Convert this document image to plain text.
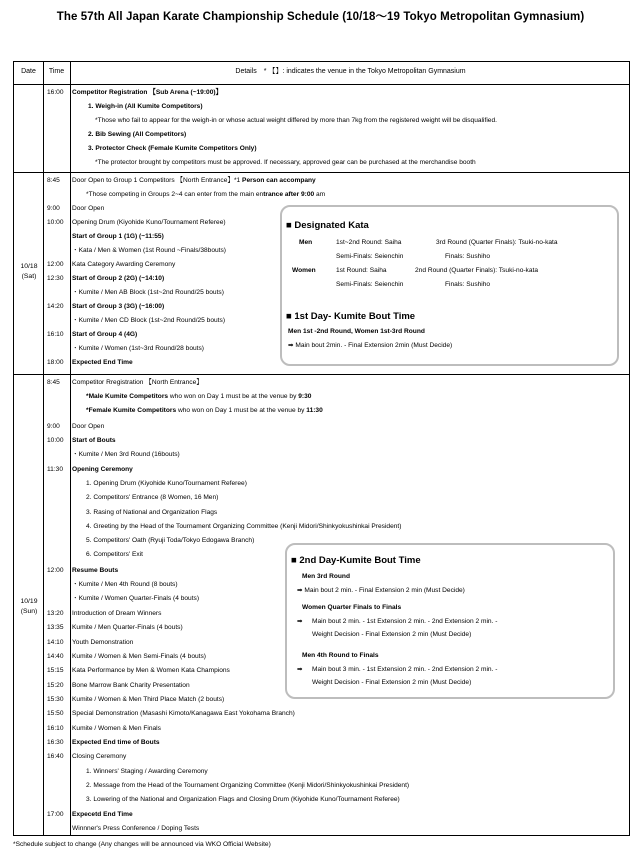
The 57th All Japan Karate Championship Schedule (10/18～19 Tokyo Metropolitan Gymnasium)
Date	Time	Details　* 【】: indicates the venue in the Tokyo Metropolitan Gymnasium
16:00	Competitor Registration 【Sub Arena (~19:00)】
1. Weigh-in (All Kumite Competitors)
*Those who fail to appear for the weigh-in or whose actual weight differed by more than 7kg from the registered weight will be disqualified.
2. Bib Sewing (All Competitors)
3. Protector Check (Female Kumite Competitors Only)
*The protector brought by competitors must be approved. If necessary, approved gear can be purchased at the merchandise booth
10/18
(Sat)
8:45	Door Open to Group 1 Competitors 【North Entrance】*1 Person can accompany
*Those competing in Groups 2~4 can enter from the main entrance after 9:00 am
9:00	Door Open
10:00	Opening Drum (Kiyohide Kuno/Tournament Referee)
Start of Group 1 (1G) (~11:55)
・Kata / Men & Women (1st Round ~Finals/38bouts)
12:00	Kata Category Awarding Ceremony
12:30	Start of Group 2 (2G) (~14:10)
・Kumite / Men AB Block (1st~2nd Round/25 bouts)
14:20	Start of Group 3 (3G) (~16:00)
・Kumite / Men CD Block (1st~2nd Round/25 bouts)
16:10	Start of Group 4 (4G)
・Kumite / Women (1st~3rd Round/28 bouts)
18:00	Expected End Time
■ Designated Kata
Men	1st~2nd Round: Saiha	3rd Round (Quarter Finals): Tsuki-no-kata
Semi-Finals: Seienchin	Finals: Sushiho
Women	1st Round: Saiha	2nd Round (Quarter Finals): Tsuki-no-kata
Semi-Finals: Seienchin	Finals: Sushiho
■ 1st Day- Kumite Bout Time
Men 1st -2nd Round, Women 1st-3rd Round
➡ Main bout 2min. - Final Extension 2min (Must Decide)
10/19
(Sun)
8:45	Competitor Rregistration 【North Entrance】
*Male Kumite Competitors who won on Day 1 must be at the venue by 9:30
*Female Kumite Competitors who won on Day 1 must be at the venue by 11:30
9:00	Door Open
10:00	Start of Bouts
・Kumite / Men 3rd Round (16bouts)
11:30	Opening Ceremony
1. Opening Drum (Kiyohide Kuno/Tournament Referee)
2. Competitors' Entrance (8 Women, 16 Men)
3. Rasing of National and Organization Flags
4. Greeting by the Head of the Tournament Organizing Committee (Kenji Midori/Shinkyokushinkai President)
5. Competitors' Oath (Ryuji Toda/Tokyo Edogawa Branch)
6. Competitors' Exit
12:00	Resume Bouts
・Kumite / Men 4th Round (8 bouts)
・Kumite / Women Quarter-Finals (4 bouts)
13:20	Introduction of Dream Winners
13:35	Kumite / Men Quarter-Finals (4 bouts)
14:10	Youth Demonstration
14:40	Kumite / Women & Men Semi-Finals (4 bouts)
15:15	Kata Performance by Men & Women Kata Champions
15:20	Bone Marrow Bank Charity Presentation
15:30	Kumite / Women & Men Third Place Match (2 bouts)
15:50	Special Demonstration (Masashi Kimoto/Kanagawa East Yokohama Branch)
16:10	Kumite / Women & Men Finals
16:30	Expected End time of Bouts
16:40	Closing Ceremony
1. Winners' Staging / Awarding Ceremony
2. Message from the Head of the Tournament Organizing Committee (Kenji Midori/Shinkyokushinkai President)
3. Lowering of the National and Organization Flags and Closing Drum (Kiyohide Kuno/Tournament Referee)
17:00	Expecetd End Time
Winnner's Press Conference / Doping Tests
■ 2nd Day-Kumite Bout Time
Men 3rd Round
➡ Main bout 2 min. - Final Extension 2 min (Must Decide)
Women Quarter Finals to Finals
➡ Main bout 2 min. - 1st Extension 2 min. - 2nd Extension 2 min. -
Weight Decision - Final Extension 2 min (Must Decide)
Men 4th Round to Finals
➡ Main bout 3 min. - 1st Extension 2 min. - 2nd Extension 2 min. -
Weight Decision - Final Extension 2 min (Must Decide)
*Schedule subject to change (Any changes will be announced via WKO Official Website)
